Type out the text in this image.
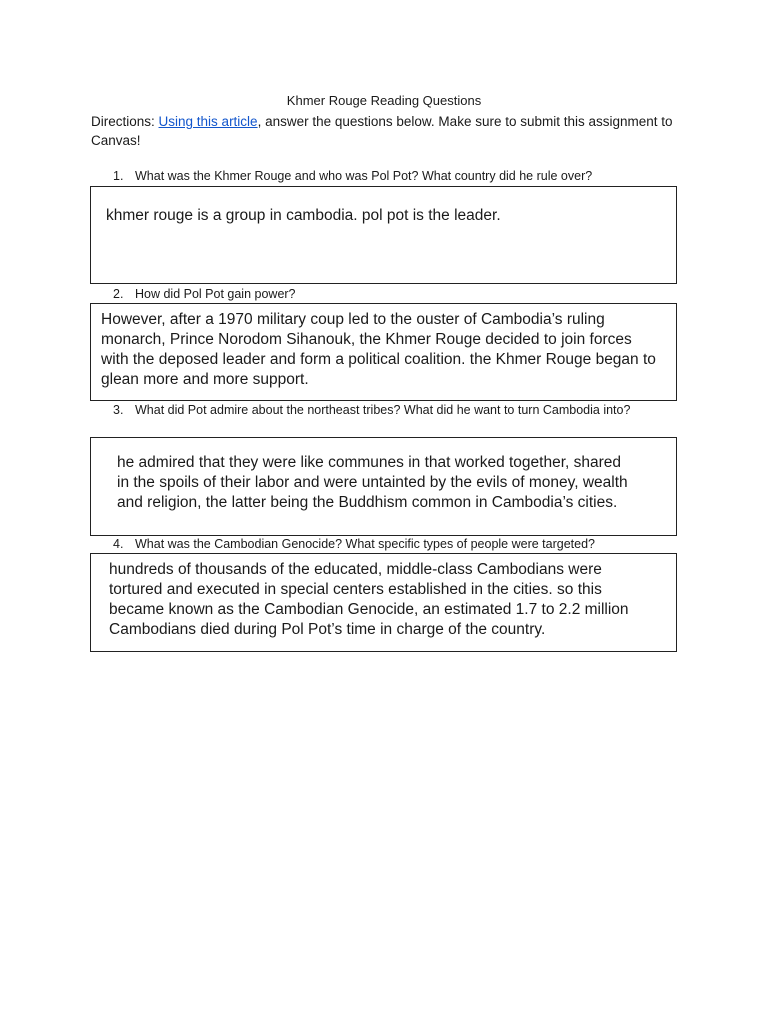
Khmer Rouge Reading Questions
Directions: Using this article, answer the questions below. Make sure to submit this assignment to Canvas!
1. What was the Khmer Rouge and who was Pol Pot? What country did he rule over?
khmer rouge is a group in cambodia. pol pot is the leader.
2. How did Pol Pot gain power?
However, after a 1970 military coup led to the ouster of Cambodia’s ruling monarch, Prince Norodom Sihanouk, the Khmer Rouge decided to join forces with the deposed leader and form a political coalition. the Khmer Rouge began to glean more and more support.
3. What did Pot admire about the northeast tribes? What did he want to turn Cambodia into?
he admired that they were like communes in that worked together, shared in the spoils of their labor and were untainted by the evils of money, wealth and religion, the latter being the Buddhism common in Cambodia’s cities.
4. What was the Cambodian Genocide? What specific types of people were targeted?
hundreds of thousands of the educated, middle-class Cambodians were tortured and executed in special centers established in the cities. so this became known as the Cambodian Genocide, an estimated 1.7 to 2.2 million Cambodians died during Pol Pot’s time in charge of the country.
